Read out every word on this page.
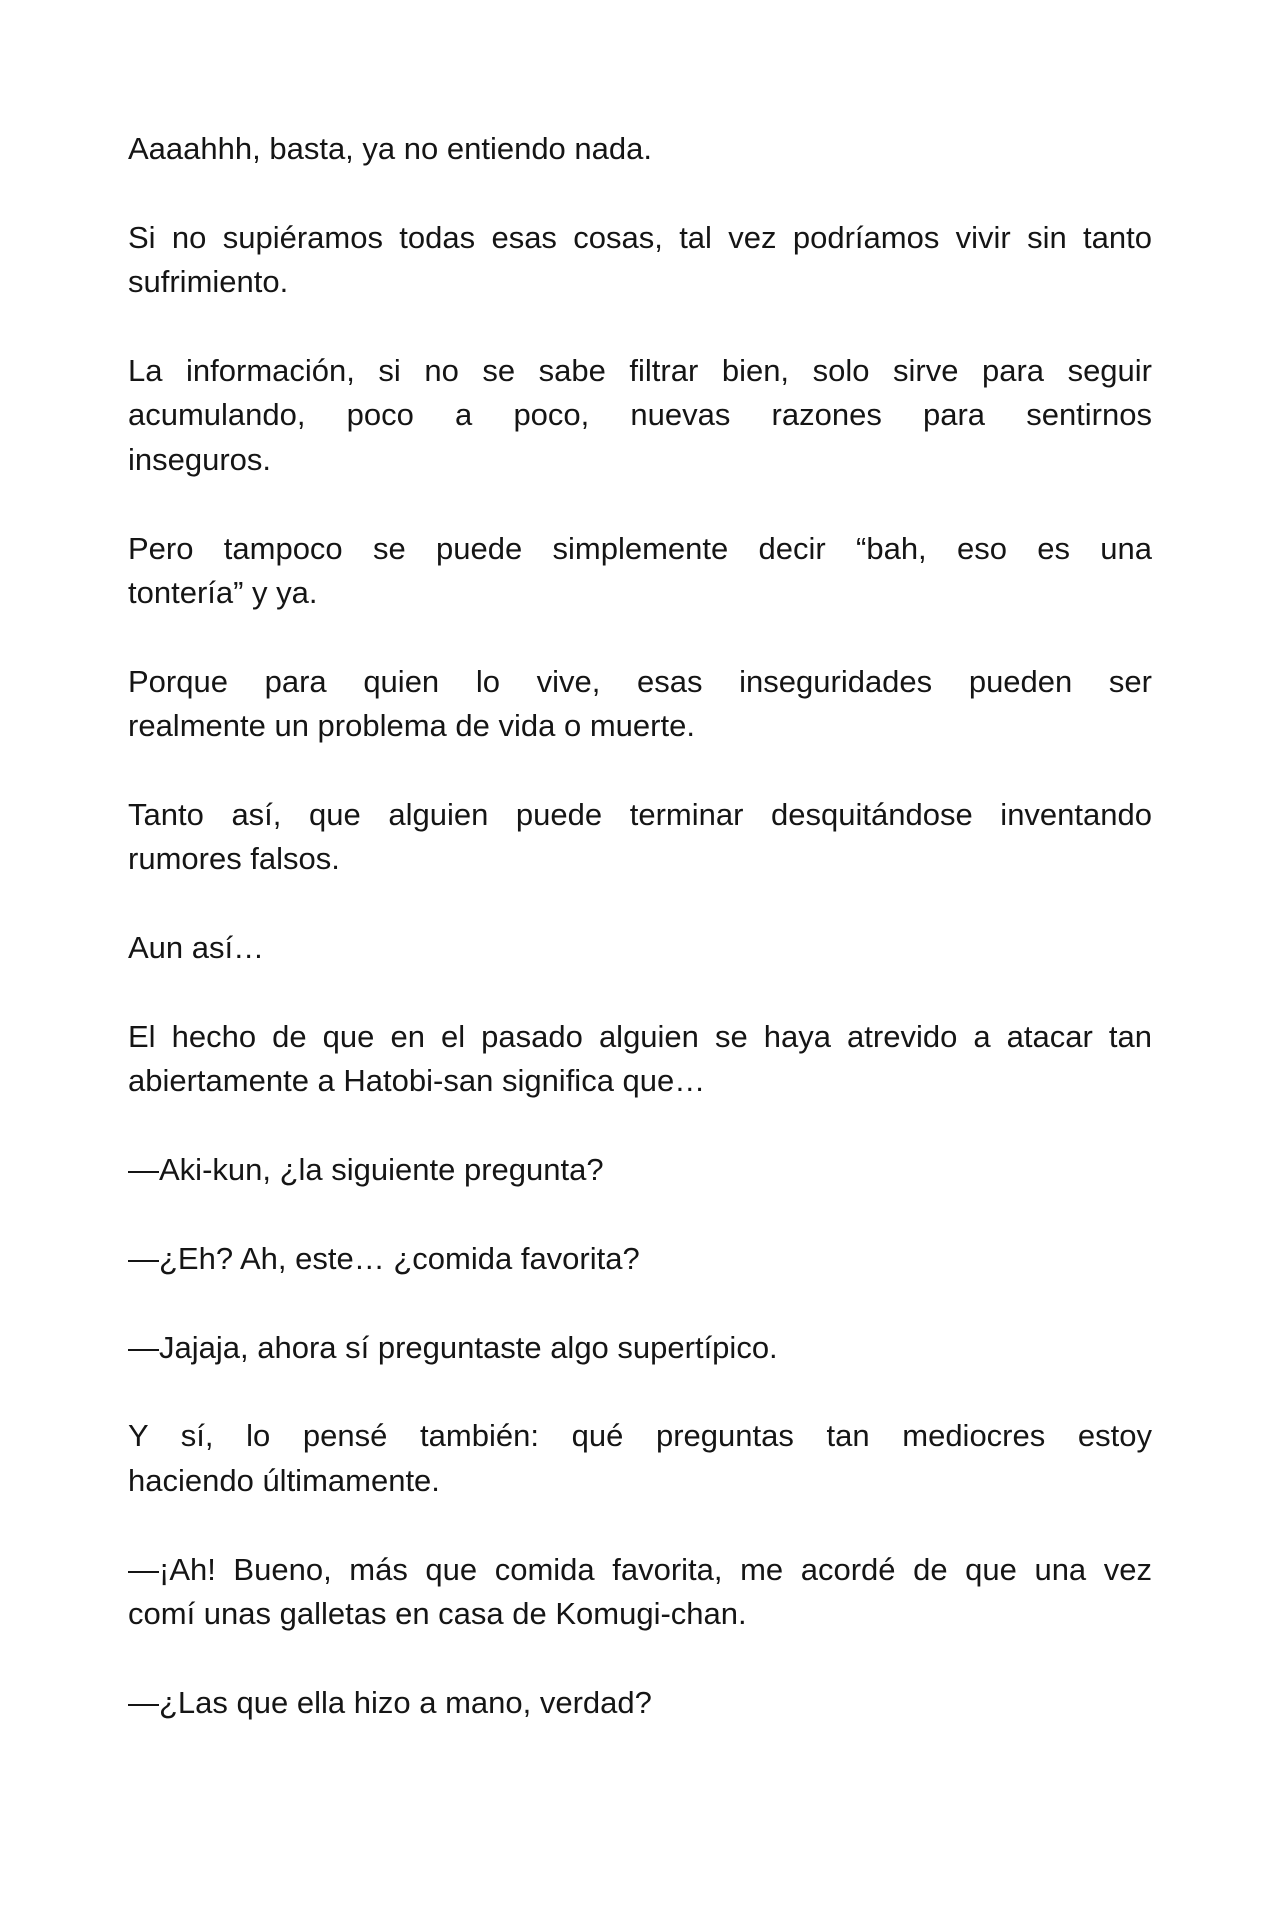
Aaaahhh, basta, ya no entiendo nada.

Si no supiéramos todas esas cosas, tal vez podríamos vivir sin tanto
sufrimiento.

La información, si no se sabe filtrar bien, solo sirve para seguir
acumulando, poco a poco, nuevas razones para sentirnos
inseguros.

Pero tampoco se puede simplemente decir “bah, eso es una
tontería” y ya.

Porque para quien lo vive, esas inseguridades pueden ser
realmente un problema de vida o muerte.

Tanto así, que alguien puede terminar desquitándose inventando
rumores falsos.

Aun así…

El hecho de que en el pasado alguien se haya atrevido a atacar tan
abiertamente a Hatobi-san significa que…

—Aki-kun, ¿la siguiente pregunta?

—¿Eh? Ah, este… ¿comida favorita?

—Jajaja, ahora sí preguntaste algo supertípico.

Y sí, lo pensé también: qué preguntas tan mediocres estoy
haciendo últimamente.

—¡Ah! Bueno, más que comida favorita, me acordé de que una vez
comí unas galletas en casa de Komugi-chan.

—¿Las que ella hizo a mano, verdad?
